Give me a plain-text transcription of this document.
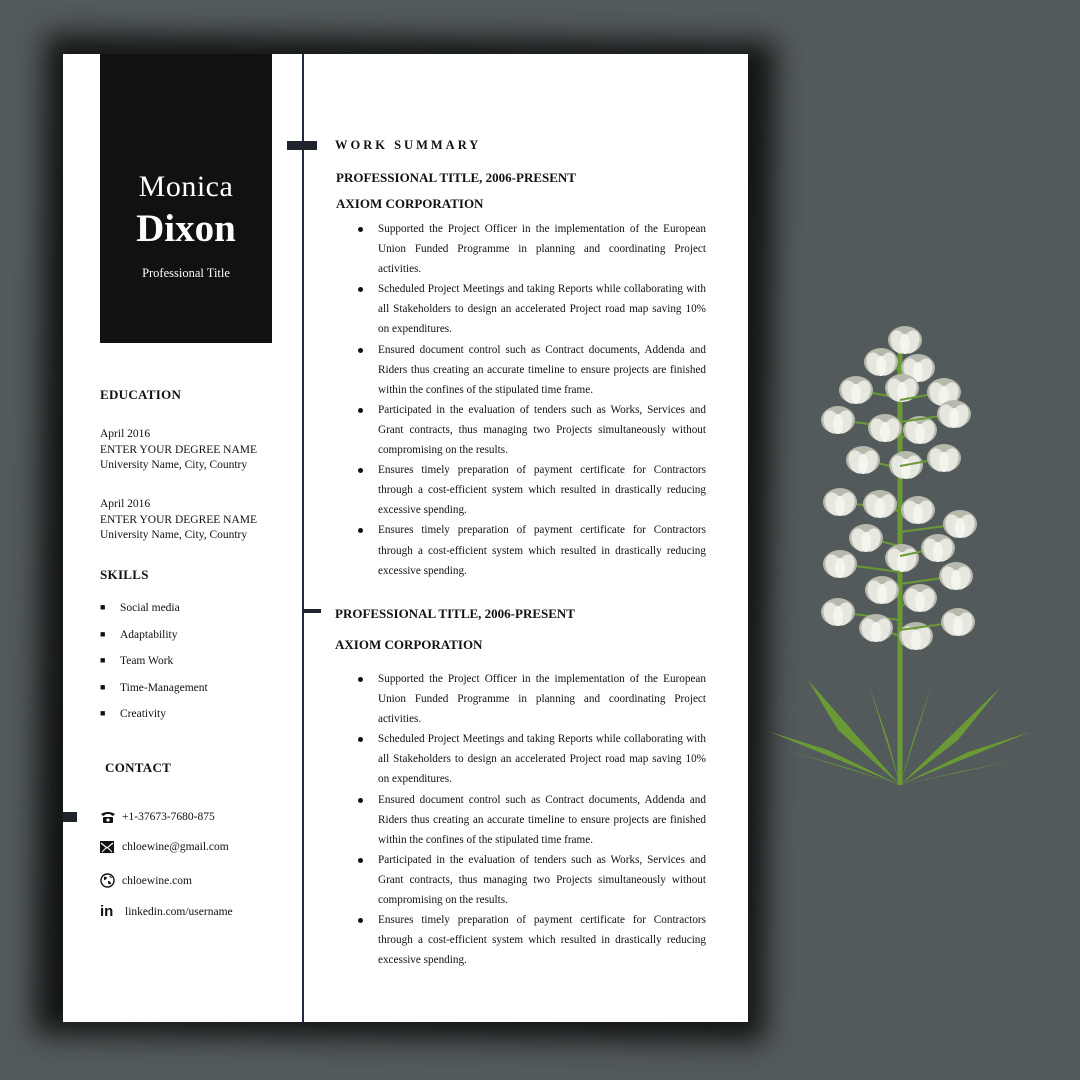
Monica
Dixon
Professional Title
EDUCATION
April 2016
ENTER YOUR DEGREE NAME
University Name, City, Country
April 2016
ENTER YOUR DEGREE NAME
University Name, City, Country
SKILLS
■ Social media
■ Adaptability
■ Team Work
■ Time-Management
■ Creativity
CONTACT
+1-37673-7680-875
chloewine@gmail.com
chloewine.com
in	linkedin.com/username
WORK SUMMARY
PROFESSIONAL TITLE, 2006-PRESENT
AXIOM CORPORATION
Supported the Project Officer in the implementation of the European Union Funded Programme in planning and coordinating Project activities.
Scheduled Project Meetings and taking Reports while collaborating with all Stakeholders to design an accelerated Project road map saving 10% on expenditures.
Ensured document control such as Contract documents, Addenda and Riders thus creating an accurate timeline to ensure projects are finished within the confines of the stipulated time frame.
Participated in the evaluation of tenders such as Works, Services and Grant contracts, thus managing two Projects simultaneously without compromising on the results.
Ensures timely preparation of payment certificate for Contractors through a cost-efficient system which resulted in drastically reducing excessive spending.
Ensures timely preparation of payment certificate for Contractors through a cost-efficient system which resulted in drastically reducing excessive spending.
PROFESSIONAL TITLE, 2006-PRESENT
AXIOM CORPORATION
Supported the Project Officer in the implementation of the European Union Funded Programme in planning and coordinating Project activities.
Scheduled Project Meetings and taking Reports while collaborating with all Stakeholders to design an accelerated Project road map saving 10% on expenditures.
Ensured document control such as Contract documents, Addenda and Riders thus creating an accurate timeline to ensure projects are finished within the confines of the stipulated time frame.
Participated in the evaluation of tenders such as Works, Services and Grant contracts, thus managing two Projects simultaneously without compromising on the results.
Ensures timely preparation of payment certificate for Contractors through a cost-efficient system which resulted in drastically reducing excessive spending.
